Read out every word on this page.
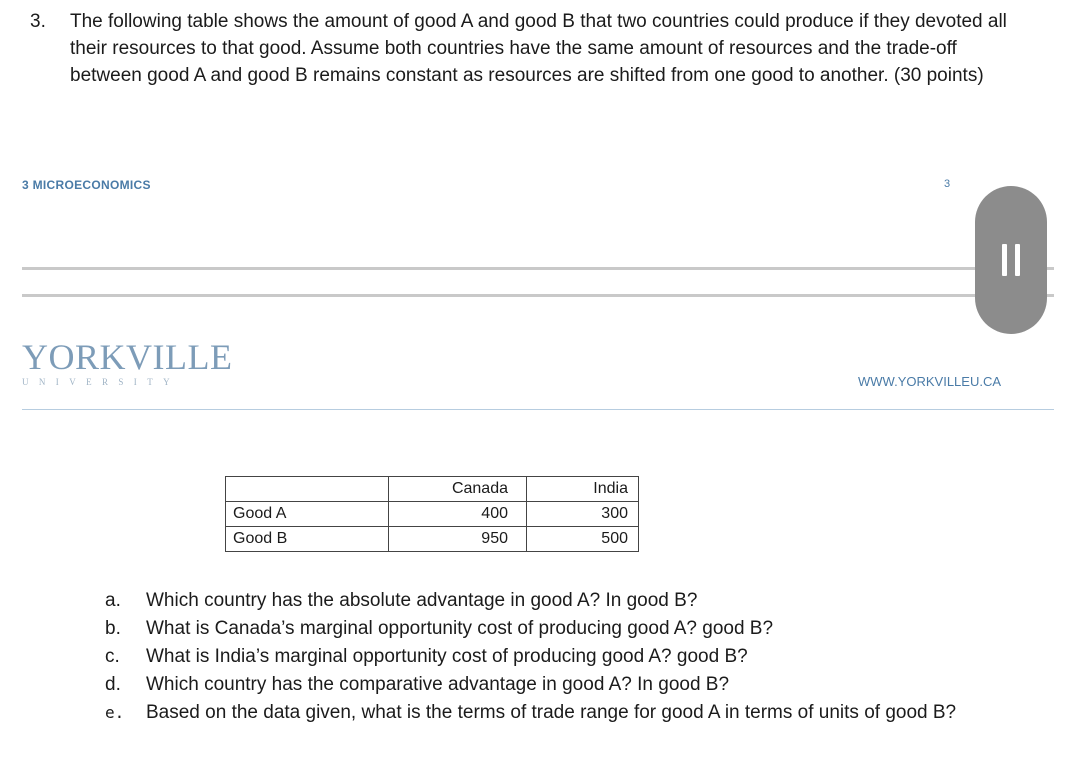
3. The following table shows the amount of good A and good B that two countries could produce if they devoted all their resources to that good. Assume both countries have the same amount of resources and the trade-off between good A and good B remains constant as resources are shifted from one good to another. (30 points)
3 MICROECONOMICS	3
YORKVILLE
UNIVERSITY	WWW.YORKVILLEU.CA
	Canada	India
Good A	400	300
Good B	950	500
a.	Which country has the absolute advantage in good A? In good B?
b.	What is Canada’s marginal opportunity cost of producing good A? good B?
c.	What is India’s marginal opportunity cost of producing good A? good B?
d.	Which country has the comparative advantage in good A? In good B?
e.	Based on the data given, what is the terms of trade range for good A in terms of units of good B?
